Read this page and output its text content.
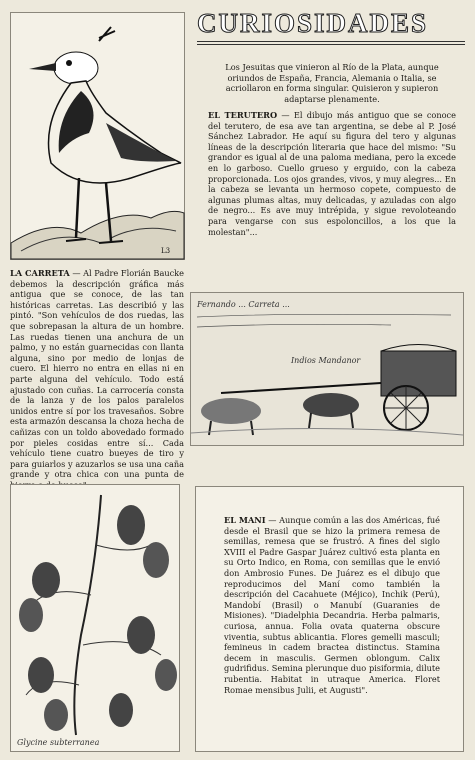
L3
CURIOSIDADES
Los Jesuitas que vinieron al Río de la Plata, aunque oriundos de España, Francia, Alemania o Italia, se acriollaron en forma singular. Quisieron y supieron adaptarse plenamente.
EL TERUTERO — El dibujo más antiguo que se conoce del terutero, de esa ave tan argentina, se debe al P. José Sánchez Labrador. He aquí su figura del tero y algunas líneas de la descripción literaria que hace del mismo: "Su grandor es igual al de una paloma mediana, pero la excede en lo garboso. Cuello grueso y erguido, con la cabeza proporcionada. Los ojos grandes, vivos, y muy alegres... En la cabeza se levanta un hermoso copete, compuesto de algunas plumas altas, muy delicadas, y azuladas con algo de negro... Es ave muy intrépida, y sigue revoloteando para vengarse con sus espoloncillos, a los que la molestan"...
LA CARRETA — Al Padre Florián Baucke debemos la descripción gráfica más antigua que se conoce, de las tan históricas carretas. Las describió y las pintó. "Son vehículos de dos ruedas, las que sobrepasan la altura de un hombre. Las ruedas tienen una anchura de un palmo, y no están guarnecidas con llanta alguna, sino por medio de lonjas de cuero. El hierro no entra en ellas ni en parte alguna del vehículo. Todo está ajustado con cuñas. La carrocería consta de la lanza y de los palos paralelos unidos entre sí por los travesaños. Sobre esta armazón descansa la choza hecha de cañizas con un toldo abovedado formado por pieles cosidas entre sí... Cada vehículo tiene cuatro bueyes de tiro y para guiarlos y azuzarlos se usa una caña grande y otra chica con una punta de
Fernando ... Carreta ...
Indios Mandanor
Glycine subterranea
EL MANI — Aunque común a las dos Américas, fué desde el Brasil que se hizo la primera remesa de semillas, remesa que se frustró. A fines del siglo XVIII el Padre Gaspar Juárez cultivó esta planta en su Orto Indico, en Roma, con semillas que le envió don Ambrosio Funes. De Juárez es el dibujo que reproducimos del Maní como también la descripción del Cacahuete (Méjico), Inchik (Perú), Mandobí (Brasil) o Manubí (Guaranies de Misiones). "Diadelphia Decandria. Herba palmaris, curiosa, annua. Folia ovata quaterna obscure viventia, subtus ablicantia. Flores gemelli masculi; femineus in cadem bractea distinctus. Stamina decem in masculis. Germen oblongum. Calix gudrifidus. Semina plerunque duo pisiformia, dilute rubentia. Habitat in utraque America. Floret Romae mensibus Julii, et Augusti".
